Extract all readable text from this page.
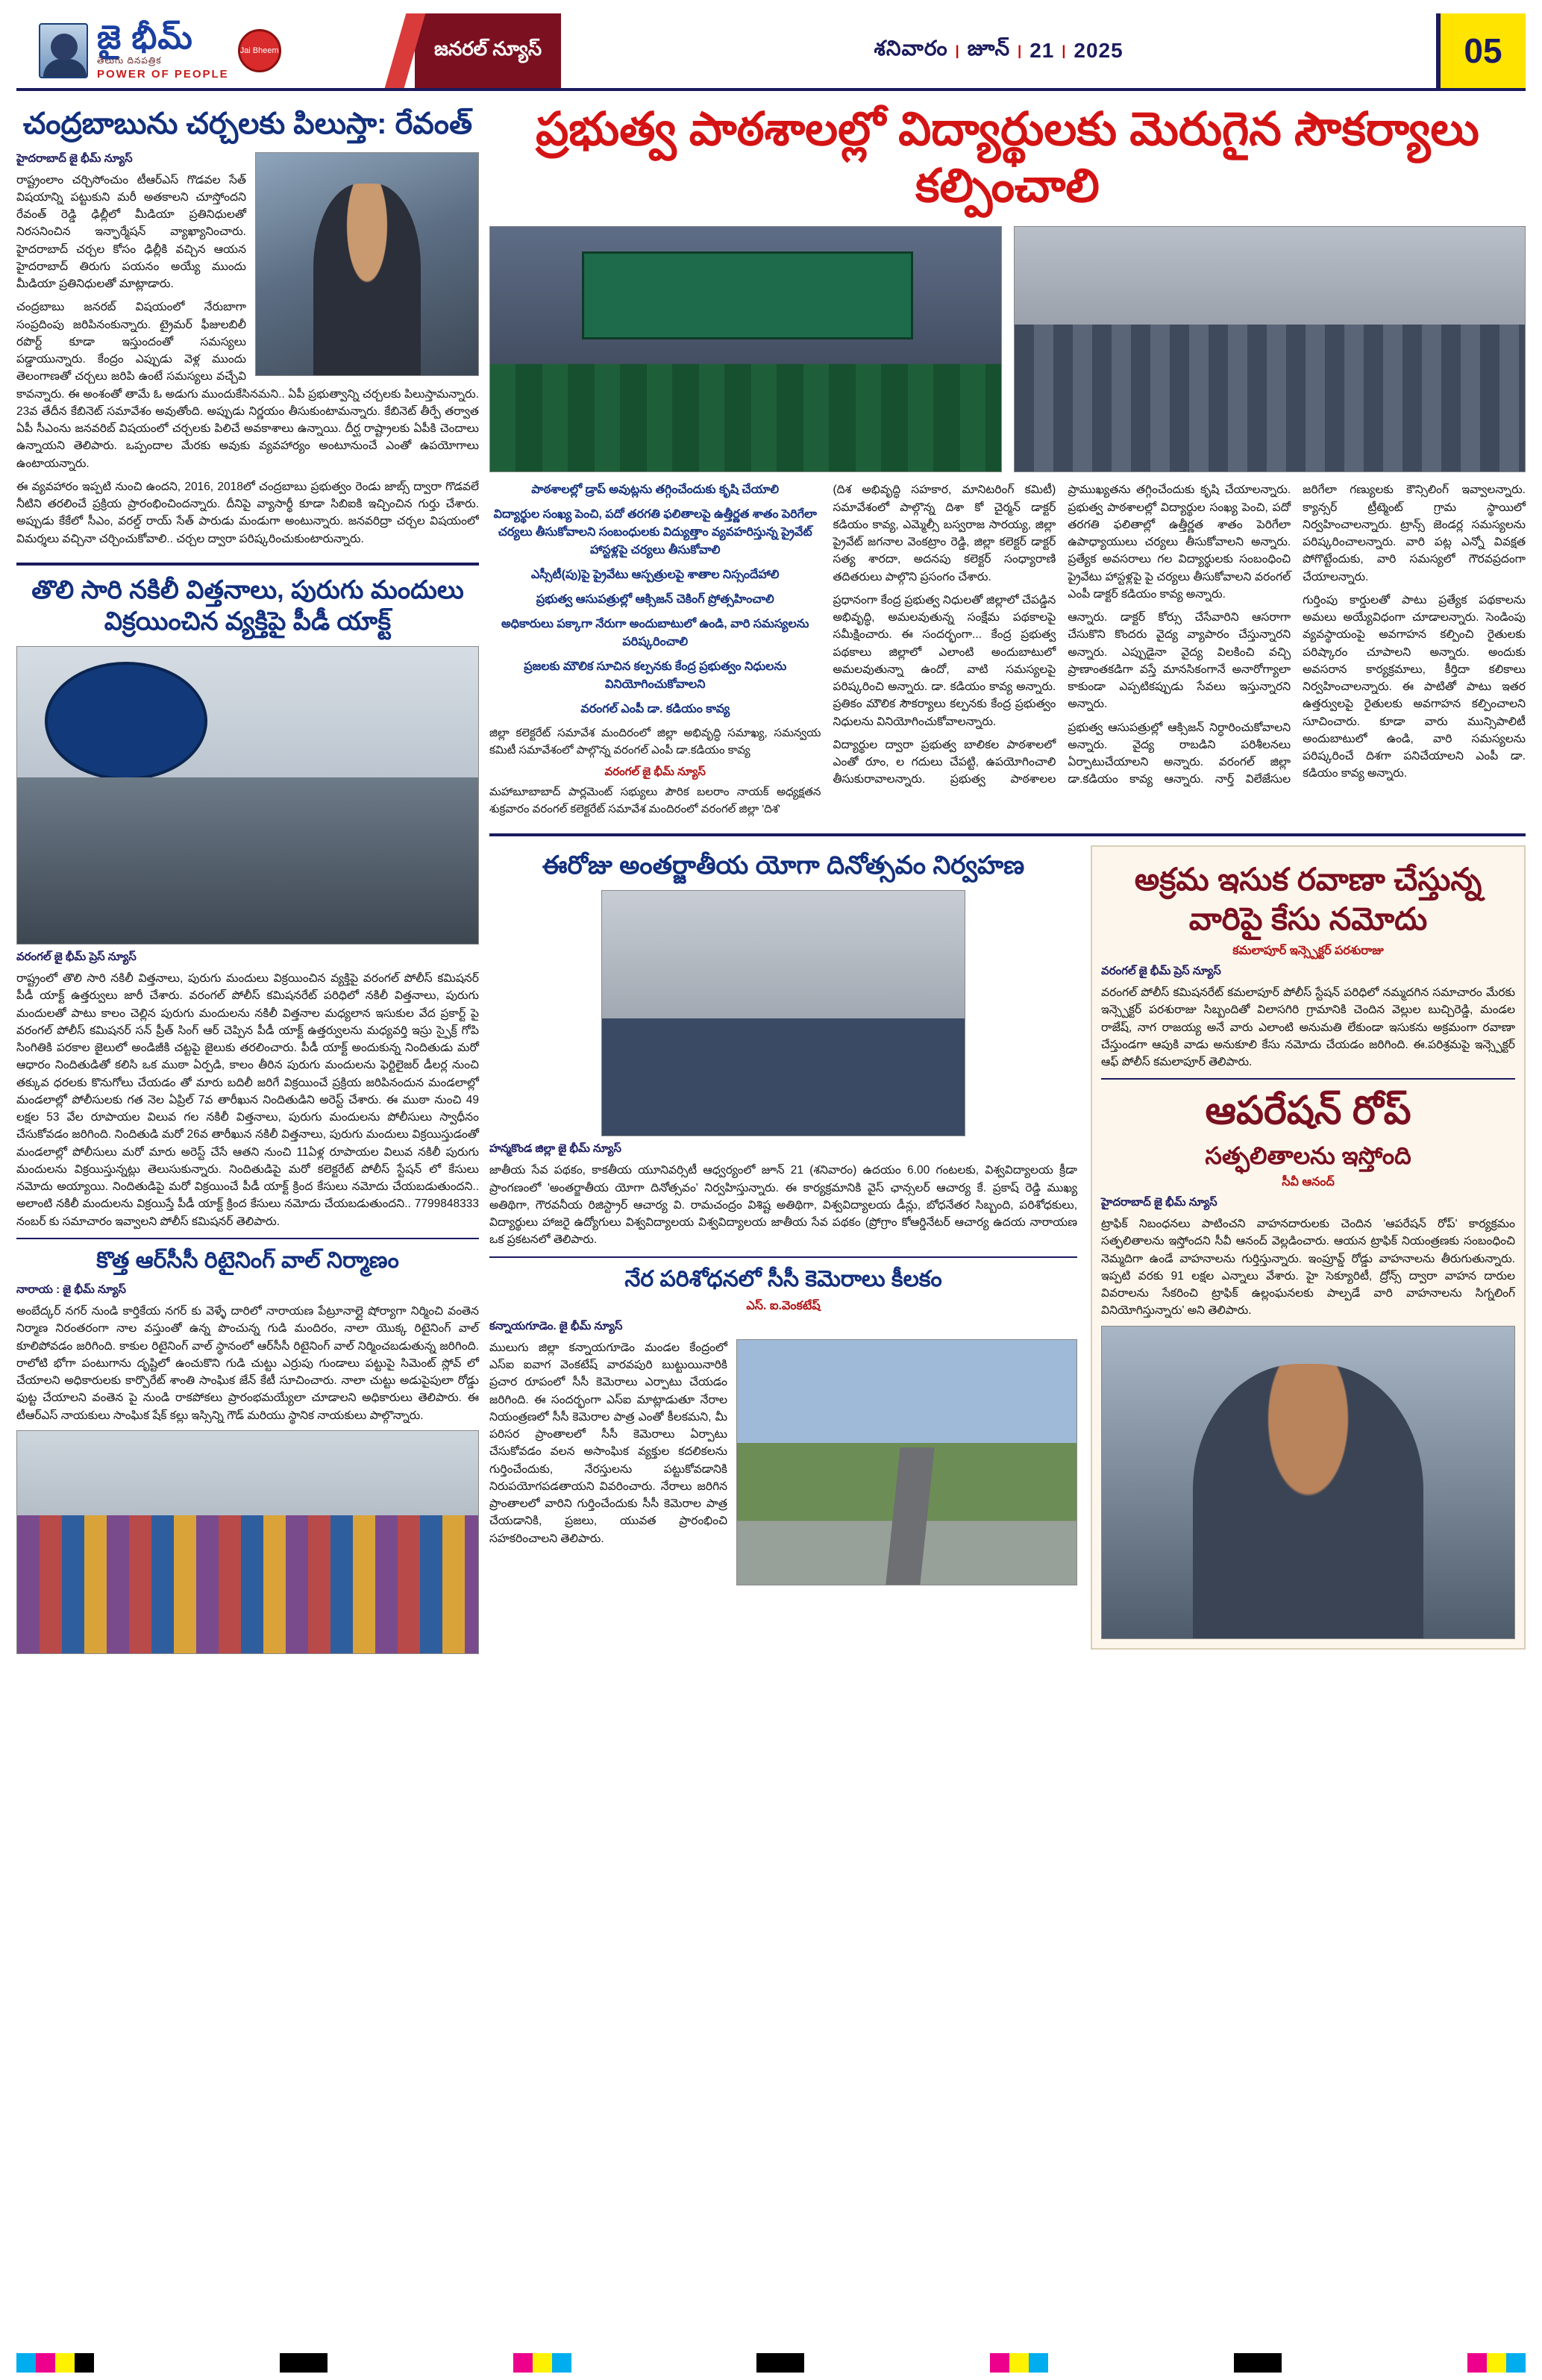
జై భీమ్
తెలుగు దినపత్రిక
POWER OF PEOPLE
Jai Bheem	జనరల్ న్యూస్	శనివారం | జూన్ | 21 | 2025	05
చంద్రబాబును చర్చలకు పిలుస్తా: రేవంత్
హైదరాబాద్ జై భీమ్ న్యూస్

రాష్ట్రంలాం చర్చిసోంచుం టీఆర్ఎస్ గొడవల సేత్ విషయాన్ని పట్టుకుని మరీ అతకాలని చూస్తోందని రేవంత్ రెడ్డి ఢిల్లీలో మీడియా ప్రతినిధులతో నిరసనించిన ఇన్ఫార్మేషన్ వ్యాఖ్యానించారు. హైదరాబాద్ చర్చల కోసం ఢిల్లీకి వచ్చిన ఆయన హైదరాబాద్ తిరుగు పయనం అయ్యే ముందు మీడియా ప్రతినిధులతో మాట్లాడారు.

చంద్రబాబు జనరబ్ విషయంలో నేరుబాగా సంప్రదింపు జరిపినంకున్నారు. ట్రైమర్ ఫీజులబిలీ రపొర్ట్ కూడా ఇస్తుందంతో సమస్యలు పడ్డాయున్నారు. కేంద్రం ఎప్పుడు వెళ్ల ముందు తెలంగాణతో చర్చలు జరిపి ఉంటే సమస్యలు వచ్చేవి కావన్నారు. ఈ అంశంతో తామే ఓ అడుగు ముందుకేసినమని.. ఏపీ ప్రభుత్వాన్ని చర్చలకు పిలుస్తామన్నారు. 23వ తేదీన కేబినెట్ సమావేశం అవుతోంది. అప్పుడు నిర్ణయం తీసుకుంటామన్నారు. కేబినెట్ తీర్పే తర్వాత ఏపీ సీఎంను జనవరిబ్ విషయంలో చర్చలకు పిలిచే అవకాశాలు ఉన్నాయి. దీర్ఘ రాష్ట్రాలకు ఏపీకి చెందాలు ఉన్నాయని తెలిపారు. ఒప్పందాల మేరకు అవుకు వ్యవహార్యం అంటూనుంచే ఎంతో ఉపయోగాలు ఉంటాయన్నారు.

ఈ వ్యవహారం ఇప్పటి నుంచి ఉందని, 2016, 2018లో చంద్రబాబు ప్రభుత్వం రెండు జాబ్స్ ద్వారా గొడవలే నీటిని తరలించే ప్రక్రియ ప్రారంభించిందన్నారు. దీనిపై వ్యాసార్థీ కూడా సిబిఐకి ఇచ్చించిన గుర్తు చేశారు. అప్పుడు కేకేలో సీఎం, వరల్డ్ రాయ్ సేత్ పారుడు మండుగా అంటున్నారు. జనవరిద్రా చర్చల విషయంలో విమర్శలు వచ్చినా చర్చించుకోవాలి.. చర్చల ద్వారా పరిష్కరించుకుంటారున్నారు.

తొలి సారి నకిలీ విత్తనాలు, పురుగు మందులు విక్రయించిన వ్యక్తిపై పీడీ యాక్ట్
వరంగల్ జై భీమ్ ప్రెస్ న్యూస్

రాష్ట్రంలో తొలి సారి నకిలీ విత్తనాలు, పురుగు మందులు విక్రయించిన వ్యక్తిపై వరంగల్ పోలీస్ కమిషనర్ పీడీ యాక్ట్ ఉత్తర్వులు జారీ చేశారు. వరంగల్ పోలీస్ కమిషనరేట్ పరిధిలో నకిలీ విత్తనాలు, పురుగు మందులతో పాటు కాలం చెల్లిన పురుగు మందులను నకిలీ విత్తనాల మధ్యలాన ఇసుకుల వేద ప్రకార్ట్ పై వరంగల్ పోలీస్ కమిషనర్ సన్ ప్రీత్ సింగ్ ఆర్ చెప్పిన పీడీ యాక్ట్ ఉత్తర్వులను మధ్యవర్తి ఇస్రు స్పైక్ర్ గోపి సింగితికి పరకాల జైలులో అండిజీకి చట్టపై జైలుకు తరలించారు. పీడీ యాక్ట్ అందుకున్న నిందితుడు మరో ఆధారం నిందితుడితో కలిసి ఒక ముఠా ఏర్పడి, కాలం తీరిన పురుగు మందులను ఫెర్టిలైజర్ డీలర్ల నుంచి తక్కువ ధరలకు కొనుగోలు చేయడం తో మారు బదిలీ జరిగే విక్రయించే ప్రక్రియ జరిపినందున మండలాల్లో మండలాల్లో పోలీసులకు గత నెల ఏప్రిల్ 7వ తారీఖున నిందితుడిని అరెస్ట్ చేశారు. ఈ ముఠా నుంచి 49 లక్షల 53 వేల రూపాయల విలువ గల నకిలీ విత్తనాలు, పురుగు మందులను పోలీసులు స్వాధీనం చేసుకోవడం జరిగింది. నిందితుడి మరో 26వ తారీఖున నకిలీ విత్తనాలు, పురుగు మందులు విక్రయిస్తుడంతో మండలాల్లో పోలీసులు మరో మారు అరెస్ట్ చేసే ఆతని నుంచి 11ఏళ్ల రూపాయల విలువ నకిలీ పురుగు మందులను విక్రయిస్తున్నట్లు తెలుసుకున్నారు. నిందితుడిపై మరో కలెక్టరేట్ పోలీస్ స్టేషన్ లో కేసులు నమోదు అయ్యాయి. నిందితుడిపై మరో విక్రయించే పీడీ యాక్ట్ క్రింద కేసులు నమోదు చేయబడుతుందని.. అలాంటి నకిలీ మందులను విక్రయిస్తే పీడీ యాక్ట్ క్రింద కేసులు నమోదు చేయబడుతుందని.. 7799848333 నంబర్ కు సమాచారం ఇవ్వాలని పోలీస్ కమిషనర్ తెలిపారు.

కొత్త ఆర్‌సీసీ రిటైనింగ్ వాల్ నిర్మాణం
నారాయ : జై భీమ్ న్యూస్

అంబేద్కర్ నగర్ నుండి కార్తికేయ నగర్ కు వెళ్ళే దారిలో నారాయణ పేట్రూనాల్లై షోర్యాగా నిర్మించి వంతెన నిర్మాణ నిరంతరంగా నాల వస్తుంతో ఉన్న పొంచున్న గుడి మందిరం, నాలా యొక్క రిటైనింగ్ వాల్ కూలిపోవడం జరిగింది. కాకుల రిటైనింగ్ వాల్ స్థానంలో ఆర్‌సీసీ రిటైనింగ్ వాల్ నిర్మించబడుతున్న జరిగింది. రాలోటి భోగా పంటుగాను దృష్టిలో ఉంచుకొని గుడి చుట్టు ఎర్రుపు గుండాలు పట్టుపై సిమెంట్ స్లోవ్ లో చేయాలని అధికారులకు కార్పొరేట్ శాంతి సాంఘిక జేన్ కేటీ సూచించారు. నాలా చుట్టు అడుపైపులా రోడ్డు ఫుట్ట చేయాలని వంతెన పై నుండి రాకపోకలు ప్రారంభమయ్యేలా చూడాలని అధికారులు తెలిపారు. ఈ టీఆర్ఎస్ నాయకులు సాంఘిక షేక్ కల్లు ఇస్సిన్ని గౌడ్ మరియు స్థానిక నాయకులు పాల్గొన్నారు.

ప్రభుత్వ పాఠశాలల్లో విద్యార్థులకు మెరుగైన సౌకర్యాలు కల్పించాలి

పాఠశాలల్లో డ్రాప్ అవుట్లను తగ్గించేందుకు కృషి చేయాలి

విద్యార్థుల సంఖ్య పెంచి, పదో తరగతి ఫలితాలపై ఉత్తీర్ణత శాతం పెరిగేలా చర్యలు తీసుకోవాలని సంబంధులకు విద్యుత్తాం వ్యవహరిస్తున్న ప్రైవేట్ హాస్టళ్లపై చర్యలు తీసుకోవాలి

ఎస్సీటీ(పు)పై ప్రైవేటు ఆస్పత్రులపై శాతాల నిస్సందేహాలి

ప్రభుత్వ ఆసుపత్రుల్లో ఆక్సిజన్ చెకింగ్ ప్రోత్సహించాలి

అధికారులు పక్కాగా నేరుగా అందుబాటులో ఉండి, వారి సమస్యలను పరిష్కరించాలి

ప్రజలకు మౌలిక సూచిన కల్పనకు కేంద్ర ప్రభుత్వం నిధులను వినియోగించుకోవాలని

వరంగల్ ఎంపీ డా. కడియం కావ్య

జిల్లా కలెక్టరేట్ సమావేశ మందిరంలో జిల్లా అభివృద్ధి సమాఖ్య, సమన్వయ కమిటీ సమావేశంలో పాల్గొన్న వరంగల్ ఎంపీ డా.కడియం కావ్య

వరంగల్ జై భీమ్ న్యూస్

మహాబూబాబాద్ పార్లమెంట్ సభ్యులు పౌరిక బలరాం నాయక్ అధ్యక్షతన శుక్రవారం వరంగల్ కలెక్టరేట్ సమావేశ మందిరంలో వరంగల్ జిల్లా 'దిశ'

(దిశ అభివృద్ధి సహకార, మానిటరింగ్ కమిటీ) సమావేశంలో పాల్గొన్న దిశా కో చైర్మన్ డాక్టర్ కడియం కావ్య, ఎమ్మెల్సీ బస్వరాజ సారయ్య, జిల్లా ప్రైవేట్ జగనాల వెంకట్రాం రెడ్డి, జిల్లా కలెక్టర్ డాక్టర్ సత్య శారదా, అదనపు కలెక్టర్ సంధ్యారాణి తదితరులు పాల్గొని ప్రసంగం చేశారు.

ప్రధానంగా కేంద్ర ప్రభుత్వ నిధులతో జిల్లాలో చేపడ్డిన అభివృద్ధి, అమలవుతున్న సంక్షేమ పథకాలపై సమీక్షించారు. ఈ సందర్భంగా... కేంద్ర ప్రభుత్వ పథకాలు జిల్లాలో ఎలాంటి అందుబాటులో అమలవుతున్నా ఉందో, వాటి సమస్యలపై పరిష్కరించి అన్నారు. డా. కడియం కావ్య అన్నారు. ప్రతికం మౌలిక సౌకర్యాలు కల్పనకు కేంద్ర ప్రభుత్వం నిధులను వినియోగించుకోవాలన్నారు.

విద్యార్థుల ద్వారా ప్రభుత్వ బాలికల పాఠశాలలో ఎంతో రూం, ల గదులు చేపట్టి, ఉపయోగించాలి తీసుకురావాలన్నారు. ప్రభుత్వ పాఠశాలల ప్రాముఖ్యతను తగ్గించేందుకు కృషి చేయాలన్నారు. ప్రభుత్వ పాఠశాలల్లో విద్యార్థుల సంఖ్య పెంచి, పదో తరగతి ఫలితాల్లో ఉత్తీర్ణత శాతం పెరిగేలా ఉపాధ్యాయులు చర్యలు తీసుకోవాలని అన్నారు. ప్రత్యేక అవసరాలు గల విద్యార్థులకు సంబంధించి ప్రైవేటు హాస్టళ్లపై పై చర్యలు తీసుకోవాలని వరంగల్ ఎంపీ డాక్టర్ కడియం కావ్య అన్నారు.

ఆన్నారు. డాక్టర్ కోర్సు చేసేవారిని ఆసరాగా చేసుకొని కొందరు వైద్య వ్యాపారం చేస్తున్నారని అన్నారు. ఎప్పుడైనా వైద్య విలకించి వచ్చి ప్రాణాంతకడిగా వస్తే మానసికంగానే అనారోగ్యాలా కాకుండా ఎప్పటికప్పుడు సేవలు ఇస్తున్నారని అన్నారు.

ప్రభుత్వ ఆసుపత్రుల్లో ఆక్సిజన్ నిర్ధారించుకోవాలని అన్నారు. వైద్య రాబడిని పరిశీలనలు ఏర్పాటుచేయాలని అన్నారు. వరంగల్ జిల్లా డా.కడియం కావ్య ఆన్నారు. నార్త్ విలేజేసుల జరిగేలా గణ్యులకు కౌన్సిలింగ్ ఇవ్వాలన్నారు. క్యాన్సర్ ట్రీట్మెంట్ గ్రామ స్థాయిలో నిర్వహించాలన్నారు. ట్రాన్స్ జెండర్ల సమస్యలను పరిష్కరించాలన్నారు. వారి పట్ల ఎన్నో వివక్షత పోగొట్టేందుకు, వారి సమస్యలో గౌరవప్రదంగా చేయాలన్నారు.

గుర్తింపు కార్డులతో పాటు ప్రత్యేక పథకాలను అమలు అయ్యేవిధంగా చూడాలన్నారు. సెండింపు వ్యవస్థాయంపై అవగాహన కల్పించి రైతులకు పరిష్కారం చూపాలని అన్నారు. అందుకు అవసరాన కార్యక్రమాలు, కీర్తిదా కలికాలు నిర్వహించాలన్నారు. ఈ పాటితో పాటు ఇతర ఉత్తర్వులపై రైతులకు అవగాహన కల్పించాలని సూచించారు. కూడా వారు మున్సిపాలిటీ అందుబాటులో ఉండి, వారి సమస్యలను పరిష్కరించే దిశగా పనిచేయాలని ఎంపీ డా. కడియం కావ్య అన్నారు.

ఈరోజు అంతర్జాతీయ యోగా దినోత్సవం నిర్వహణ
హన్మకొండ జిల్లా జై భీమ్ న్యూస్

జాతీయ సేవ పథకం, కాకతీయ యూనివర్సిటీ ఆధ్వర్యంలో జూన్ 21 (శనివారం) ఉదయం 6.00 గంటలకు, విశ్వవిద్యాలయ క్రీడా ప్రాంగణంలో 'అంతర్జాతీయ యోగా దినోత్సవం' నిర్వహిస్తున్నారు. ఈ కార్యక్రమానికి వైస్ ఛాన్సలర్ ఆచార్య కే. ప్రకాష్ రెడ్డి ముఖ్య అతిథిగా, గౌరవనీయ రిజిస్ట్రార్ ఆచార్య వి. రామచంద్రం విశిష్ట అతిథిగా, విశ్వవిద్యాలయ డీన్లు, బోధనేతర సిబ్బంది, పరిశోధకులు, విద్యార్థులు హాజరై ఉద్యోగులు విశ్వవిద్యాలయ విశ్వవిద్యాలయ జాతీయ సేవ పథకం (ప్రోగ్రాం కోఆర్డినేటర్ ఆచార్య ఉదయ నారాయణ ఒక ప్రకటనలో తెలిపారు.

నేర పరిశోధనలో సీసీ కెమెరాలు కీలకం
ఎస్. ఐ.వెంకటేష్
కన్నాయగూడెం. జై భీమ్ న్యూస్

ములుగు జిల్లా కన్నాయగూడెం మండల కేంద్రంలో ఎస్ఐ ఐవాగ వెంకటేష్ వారవపురి బుట్టుయినారికి ప్రచార రూపంలో సీసీ కెమెరాలు ఎర్పాటు చేయడం జరిగింది. ఈ సందర్భంగా ఎస్ఐ మాట్లాడుతూ నేరాల నియంత్రణలో సీసీ కెమెరాల పాత్ర ఎంతో కీలకమని, మీ పరిసర ప్రాంతాలలో సీసీ కెమెరాలు ఏర్పాటు చేసుకోవడం వలన అసాంఘిక వ్యక్తుల కదలికలను గుర్తించేందుకు, నేరస్తులను పట్టుకోవడానికి నిరుపయోగపడతాయని వివరించారు. నేరాలు జరిగిన ప్రాంతాలలో వారిని గుర్తించేందుకు సీసీ కెమెరాల పాత్ర చేయడానికి, ప్రజలు, యువత ప్రారంభించి సహకరించాలని తెలిపారు.

అక్రమ ఇసుక రవాణా చేస్తున్న వారిపై కేసు నమోదు
కమలాపూర్ ఇన్స్పెక్టర్ పరశురాజు
వరంగల్ జై భీమ్ ప్రెస్ న్యూస్

వరంగల్ పోలీస్ కమిషనరేట్ కమలాపూర్ పోలీస్ స్టేషన్ పరిధిలో నమ్మదగిన సమాచారం మేరకు ఇన్స్పెక్టర్ పరశురాజు సిబ్బందితో విలాసగిరి గ్రామానికి చెందిన వెల్లుల బుచ్చిరెడ్డి, మండల రాజేష్, నాగ రాజయ్య అనే వారు ఎలాంటి అనుమతి లేకుండా ఇసుకను అక్రమంగా రవాణా చేస్తుండగా ఆపుకి వాడు అనుకూలి కేసు నమోదు చేయడం జరిగింది. ఈ.పరిశ్రమపై ఇన్స్పెక్టర్ ఆఫ్ పోలీస్ కమలాపూర్ తెలిపారు.

ఆపరేషన్ రోప్
సత్ఫలితాలను ఇస్తోంది
సీవీ ఆనంద్
హైదరాబాద్ జై భీమ్ న్యూస్

ట్రాఫిక్ నిబంధనలు పాటించని వాహనదారులకు చెందిన 'ఆపరేషన్ రోప్' కార్యక్రమం సత్ఫలితాలను ఇస్తోందని సీవీ ఆనంద్ వెల్లడించారు. ఆయన ట్రాఫిక్ నియంత్రణకు సంబంధించి నెమ్మదిగా ఉండే వాహనాలను గుర్తిస్తున్నారు. ఇంప్రూవ్డ్ రోడ్డు వాహనాలను తీరుగుతున్నారు. ఇప్పటి వరకు 91 లక్షల ఎన్నాలు వేశారు. హై సెక్యూరిటీ, ద్రోన్స్ ద్వారా వాహన దారుల వివరాలను సేకరించి ట్రాఫిక్ ఉల్లంఘనలకు పాల్పడే వారి వాహనాలను సిగ్నలింగ్ వినియోగిస్తున్నారు' అని తెలిపారు.
